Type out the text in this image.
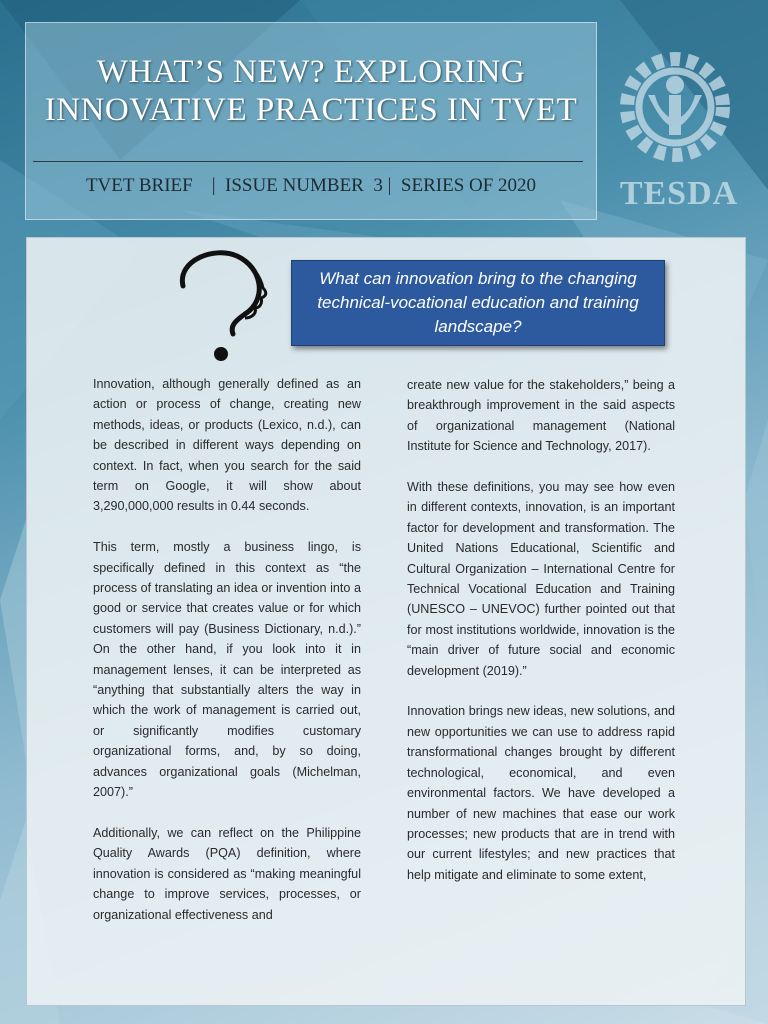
WHAT’S NEW? EXPLORING
INNOVATIVE PRACTICES IN TVET
TVET BRIEF    |  ISSUE NUMBER  3 |  SERIES OF 2020	TESDA
What can innovation bring to the changing technical-vocational education and training landscape?

Innovation, although generally defined as an action or process of change, creating new methods, ideas, or products (Lexico, n.d.), can be described in different ways depending on context. In fact, when you search for the said term on Google, it will show about 3,290,000,000 results in 0.44 seconds.

This term, mostly a business lingo, is specifically defined in this context as “the process of translating an idea or invention into a good or service that creates value or for which customers will pay (Business Dictionary, n.d.).” On the other hand, if you look into it in management lenses, it can be interpreted as “anything that substantially alters the way in which the work of management is carried out, or significantly modifies customary organizational forms, and, by so doing, advances organizational goals (Michelman, 2007).”

Additionally, we can reflect on the Philippine Quality Awards (PQA) definition, where innovation is considered as “making meaningful change to improve services, processes, or organizational effectiveness and

create new value for the stakeholders,” being a breakthrough improvement in the said aspects of organizational management (National Institute for Science and Technology, 2017).

With these definitions, you may see how even in different contexts, innovation, is an important factor for development and transformation. The United Nations Educational, Scientific and Cultural Organization – International Centre for Technical Vocational Education and Training (UNESCO – UNEVOC) further pointed out that for most institutions worldwide, innovation is the “main driver of future social and economic development (2019).”

Innovation brings new ideas, new solutions, and new opportunities we can use to address rapid transformational changes brought by different technological, economical, and even environmental factors. We have developed a number of new machines that ease our work processes; new products that are in trend with our current lifestyles; and new practices that help mitigate and eliminate to some extent,
